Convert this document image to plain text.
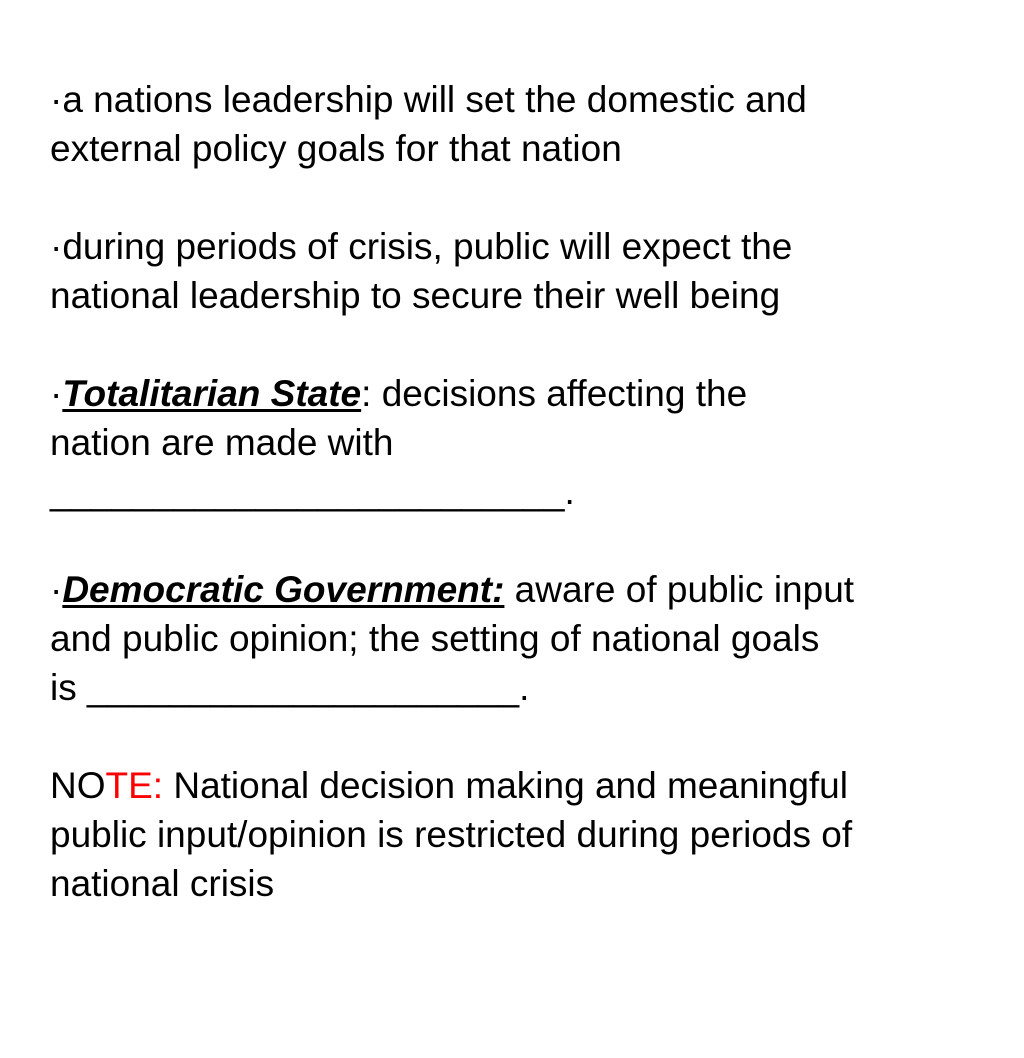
·a nations leadership will set the domestic and
external policy goals for that nation

·during periods of crisis, public will expect the
national leadership to secure their well being

·Totalitarian State: decisions affecting the
nation are made with
_________________________.

·Democratic Government: aware of public input
and public opinion; the setting of national goals
is _____________________.

NOTE: National decision making and meaningful
public input/opinion is restricted during periods of
national crisis
